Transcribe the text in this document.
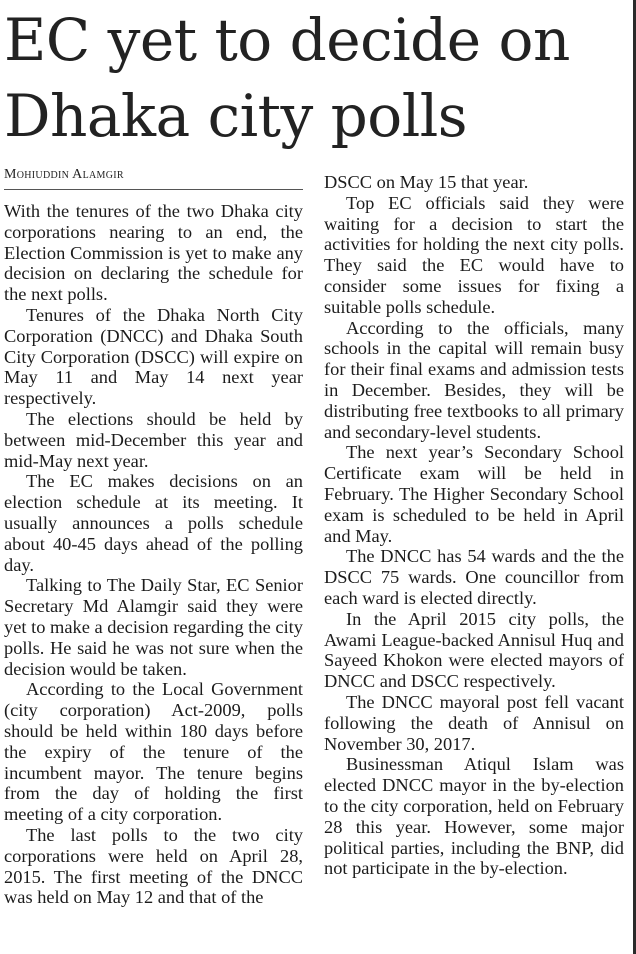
EC yet to decide on Dhaka city polls
Mohiuddin Alamgir

With the tenures of the two Dhaka city corporations nearing to an end, the Election Commission is yet to make any decision on declaring the schedule for the next polls.

Tenures of the Dhaka North City Corporation (DNCC) and Dhaka South City Corporation (DSCC) will expire on May 11 and May 14 next year respectively.

The elections should be held by between mid-December this year and mid-May next year.

The EC makes decisions on an election schedule at its meeting. It usually announces a polls schedule about 40-45 days ahead of the polling day.

Talking to The Daily Star, EC Senior Secretary Md Alamgir said they were yet to make a decision regarding the city polls. He said he was not sure when the decision would be taken.

According to the Local Government (city corporation) Act-2009, polls should be held within 180 days before the expiry of the tenure of the incumbent mayor. The tenure begins from the day of holding the first meeting of a city corporation.

The last polls to the two city corporations were held on April 28, 2015. The first meeting of the DNCC was held on May 12 and that of the

DSCC on May 15 that year.

Top EC officials said they were waiting for a decision to start the activities for holding the next city polls. They said the EC would have to consider some issues for fixing a suitable polls schedule.

According to the officials, many schools in the capital will remain busy for their final exams and admission tests in December. Besides, they will be distributing free textbooks to all primary and secondary-level students.

The next year’s Secondary School Certificate exam will be held in February. The Higher Secondary School exam is scheduled to be held in April and May.

The DNCC has 54 wards and the the DSCC 75 wards. One councillor from each ward is elected directly.

In the April 2015 city polls, the Awami League-backed Annisul Huq and Sayeed Khokon were elected mayors of DNCC and DSCC respectively.

The DNCC mayoral post fell vacant following the death of Annisul on November 30, 2017.

Businessman Atiqul Islam was elected DNCC mayor in the by-election to the city corporation, held on February 28 this year. However, some major political parties, including the BNP, did not participate in the by-election.
